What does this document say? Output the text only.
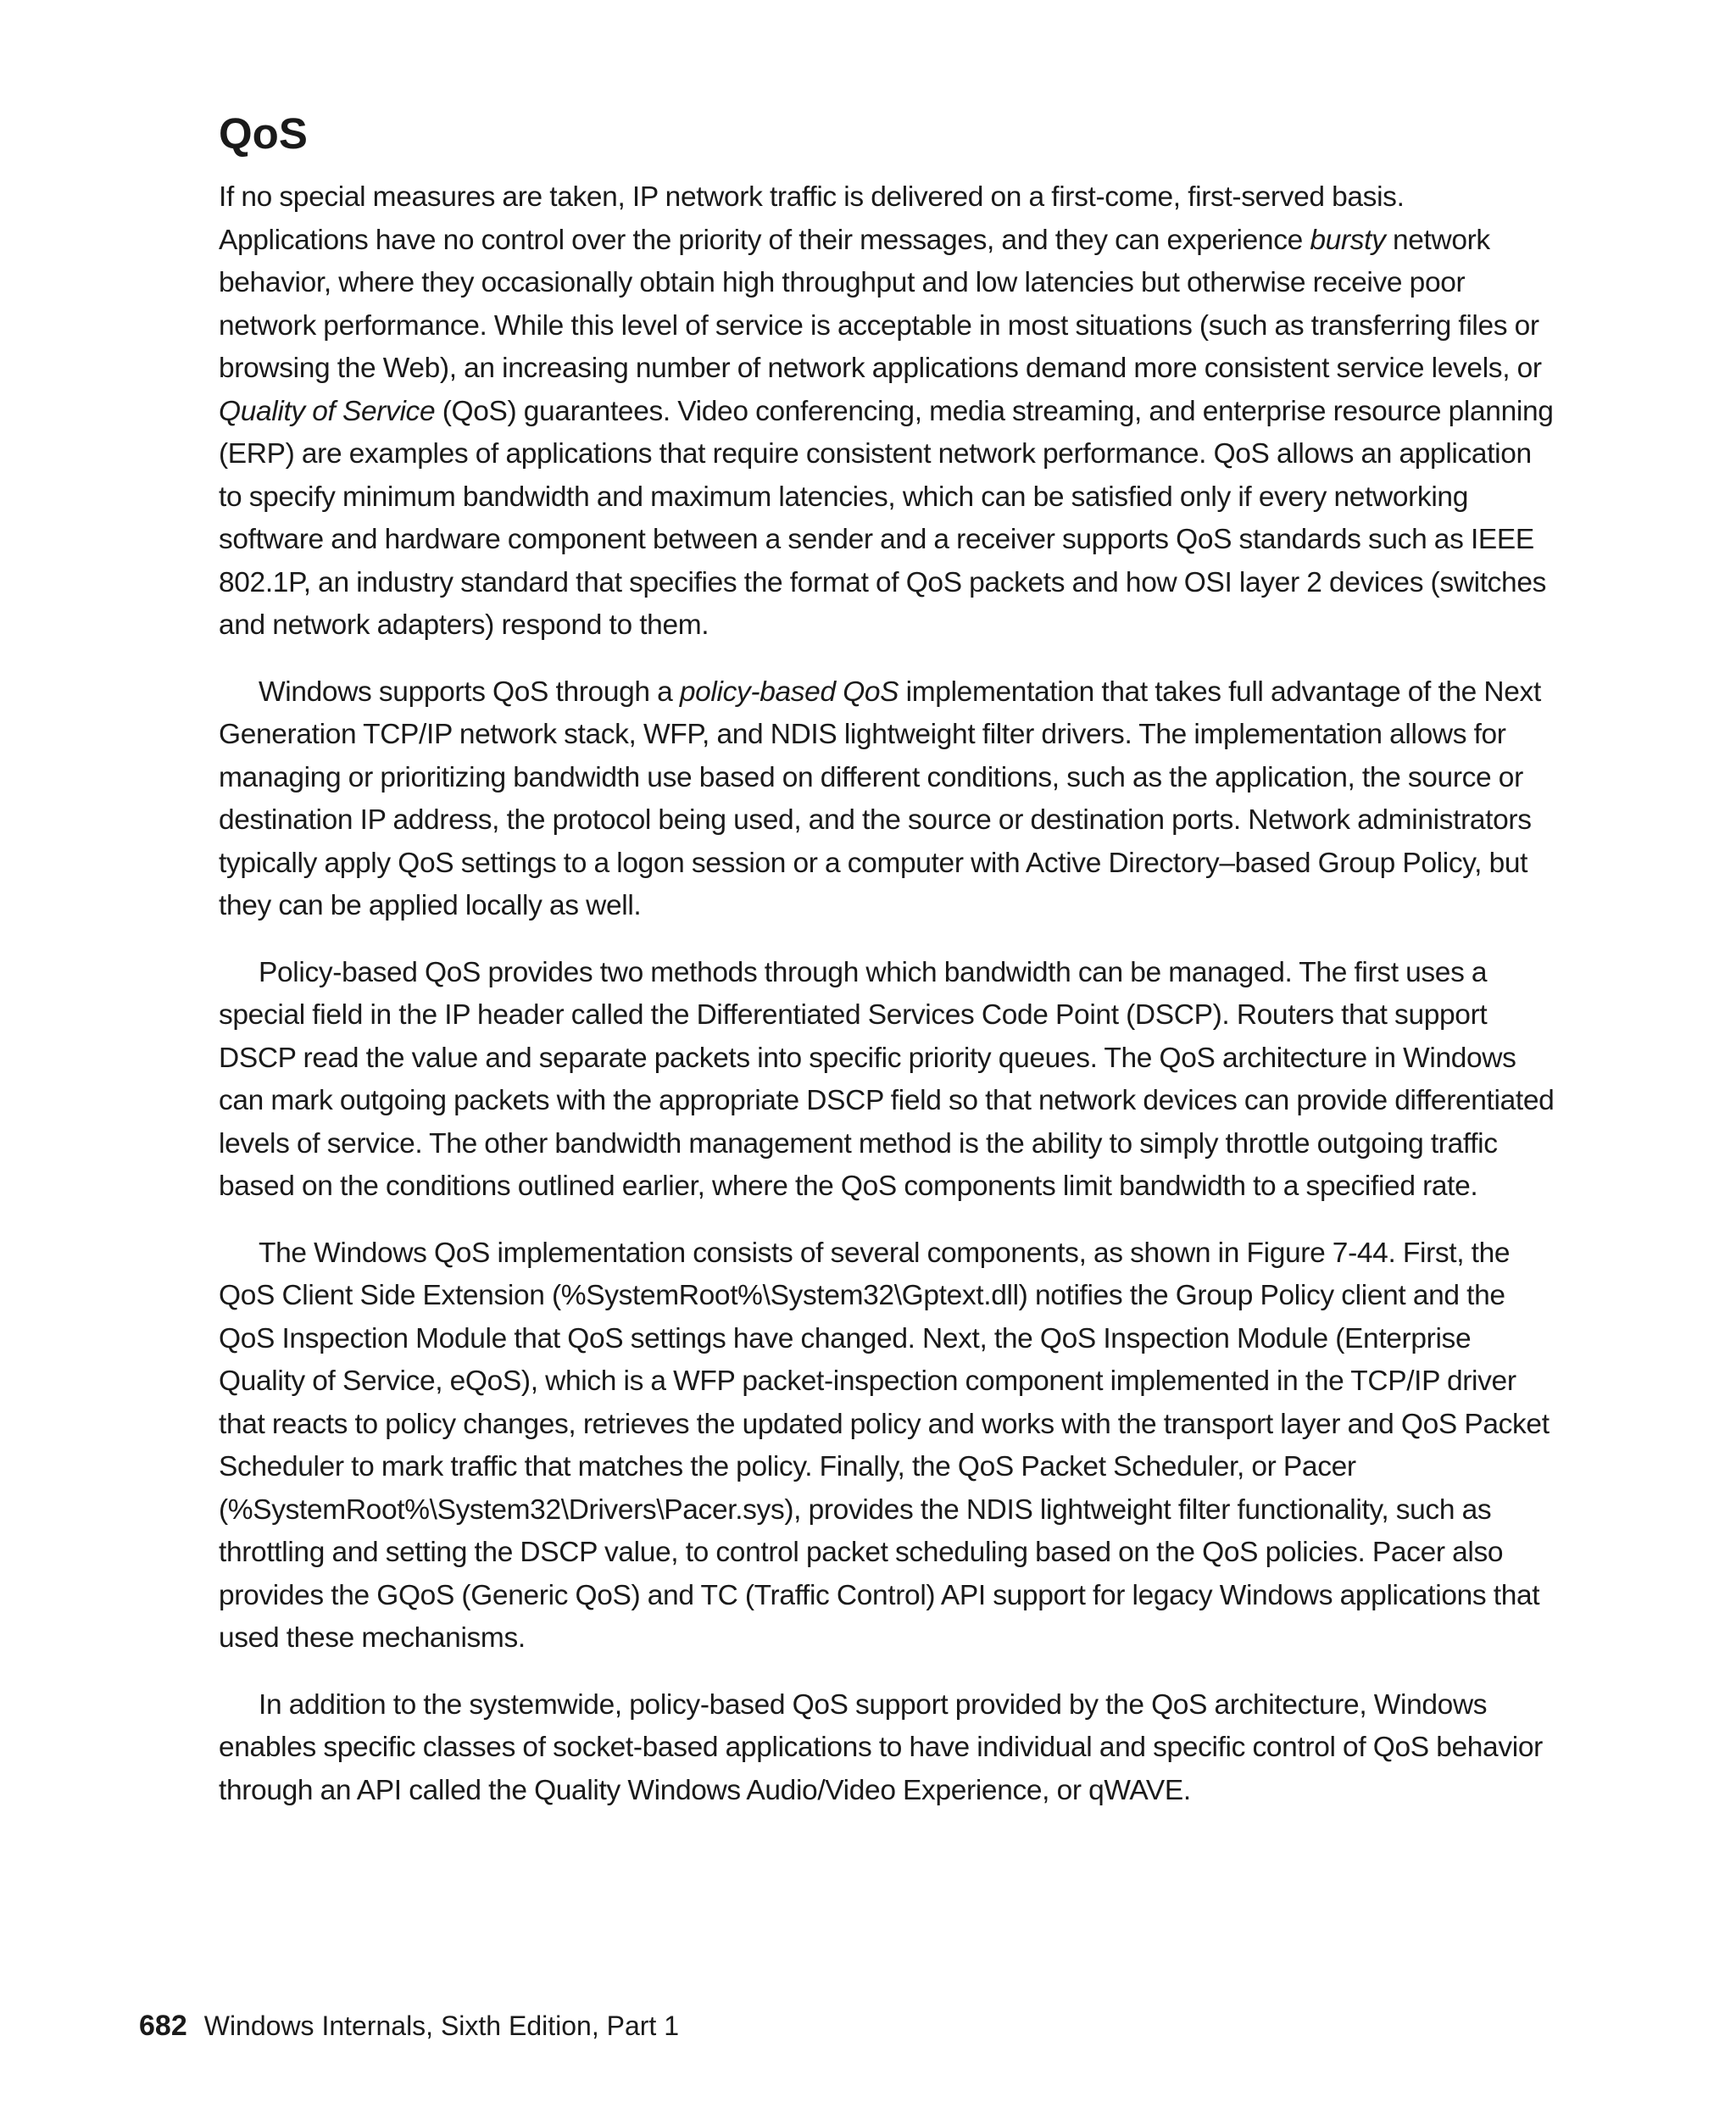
QoS

If no special measures are taken, IP network traffic is delivered on a first-come, first-served basis. Applications have no control over the priority of their messages, and they can experience bursty network behavior, where they occasionally obtain high throughput and low latencies but otherwise receive poor network performance. While this level of service is acceptable in most situations (such as transferring files or browsing the Web), an increasing number of network applications demand more consistent service levels, or Quality of Service (QoS) guarantees. Video conferencing, media streaming, and enterprise resource planning (ERP) are examples of applications that require consistent network performance. QoS allows an application to specify minimum bandwidth and maximum latencies, which can be satisfied only if every networking software and hardware component between a sender and a receiver supports QoS standards such as IEEE 802.1P, an industry standard that specifies the format of QoS packets and how OSI layer 2 devices (switches and network adapters) respond to them.

Windows supports QoS through a policy-based QoS implementation that takes full advantage of the Next Generation TCP/IP network stack, WFP, and NDIS lightweight filter drivers. The implementation allows for managing or prioritizing bandwidth use based on different conditions, such as the application, the source or destination IP address, the protocol being used, and the source or destination ports. Network administrators typically apply QoS settings to a logon session or a computer with Active Directory–based Group Policy, but they can be applied locally as well.

Policy-based QoS provides two methods through which bandwidth can be managed. The first uses a special field in the IP header called the Differentiated Services Code Point (DSCP). Routers that support DSCP read the value and separate packets into specific priority queues. The QoS architecture in Windows can mark outgoing packets with the appropriate DSCP field so that network devices can provide differentiated levels of service. The other bandwidth management method is the ability to simply throttle outgoing traffic based on the conditions outlined earlier, where the QoS components limit bandwidth to a specified rate.

The Windows QoS implementation consists of several components, as shown in Figure 7-44. First, the QoS Client Side Extension (%SystemRoot%\System32\Gptext.dll) notifies the Group Policy client and the QoS Inspection Module that QoS settings have changed. Next, the QoS Inspection Module (Enterprise Quality of Service, eQoS), which is a WFP packet-inspection component implemented in the TCP/IP driver that reacts to policy changes, retrieves the updated policy and works with the transport layer and QoS Packet Scheduler to mark traffic that matches the policy. Finally, the QoS Packet Scheduler, or Pacer (%SystemRoot%\System32\Drivers\Pacer.sys), provides the NDIS lightweight filter functionality, such as throttling and setting the DSCP value, to control packet scheduling based on the QoS policies. Pacer also provides the GQoS (Generic QoS) and TC (Traffic Control) API support for legacy Windows applications that used these mechanisms.

In addition to the systemwide, policy-based QoS support provided by the QoS architecture, Windows enables specific classes of socket-based applications to have individual and specific control of QoS behavior through an API called the Quality Windows Audio/Video Experience, or qWAVE.

682 Windows Internals, Sixth Edition, Part 1
